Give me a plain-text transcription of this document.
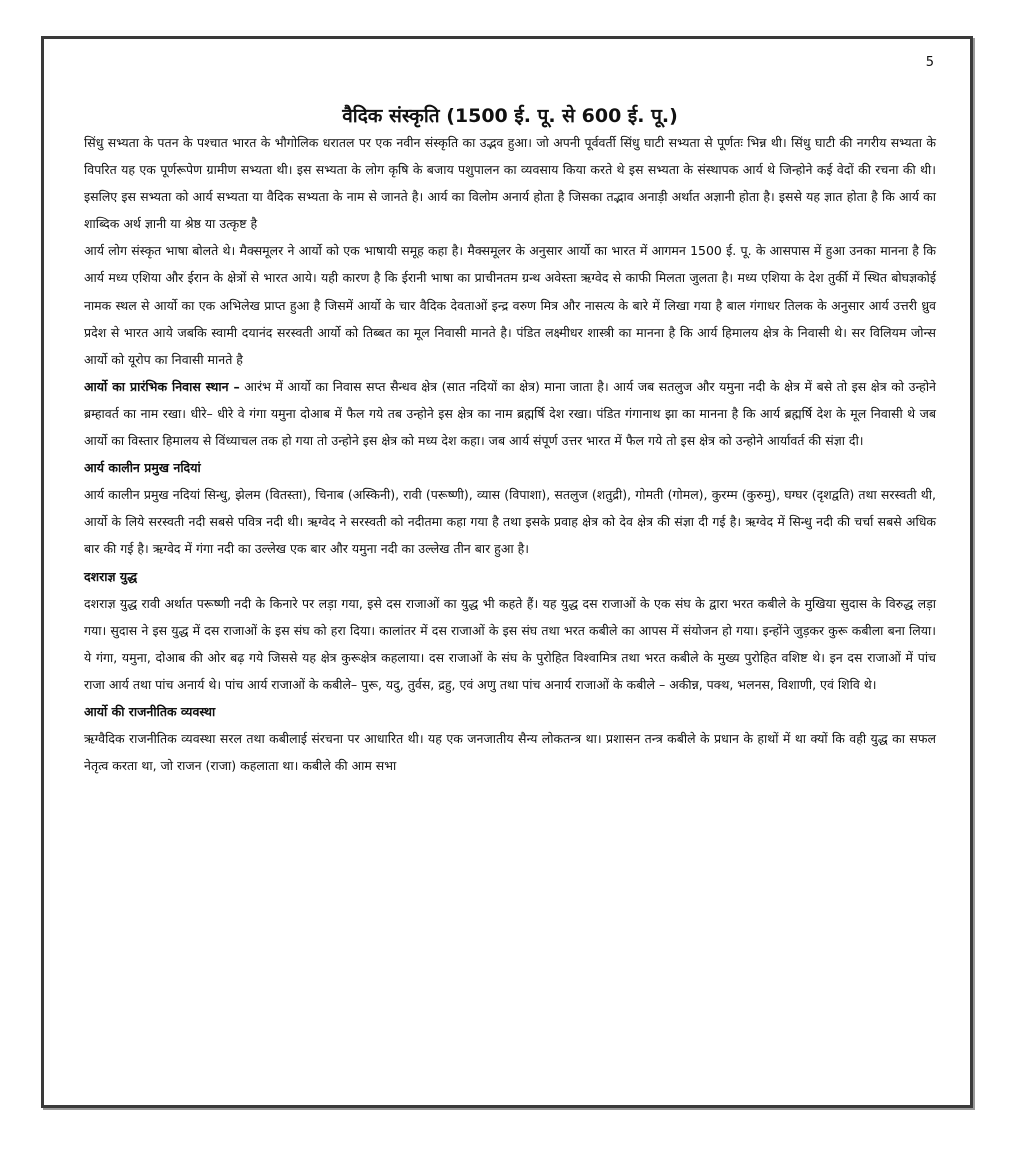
5
वैदिक संस्कृति (1500 ई. पू. से 600 ई. पू.)

सिंधु सभ्यता के पतन के पश्चात भारत के भौगोलिक धरातल पर एक नवीन संस्कृति का उद्भव हुआ। जो अपनी पूर्ववर्ती सिंधु घाटी सभ्यता से पूर्णतः भिन्न थी। सिंधु घाटी की नगरीय सभ्यता के विपरित यह एक पूर्णरूपेण ग्रामीण सभ्यता थी। इस सभ्यता के लोग कृषि के बजाय पशुपालन का व्यवसाय किया करते थे इस सभ्यता के संस्थापक आर्य थे जिन्होने कई वेदों की रचना की थी। इसलिए इस सभ्यता को आर्य सभ्यता या वैदिक सभ्यता के नाम से जानते है। आर्य का विलोम अनार्य होता है जिसका तद्भाव अनाड़ी अर्थात अज्ञानी होता है। इससे यह ज्ञात होता है कि आर्य का शाब्दिक अर्थ ज्ञानी या श्रेष्ठ या उत्कृष्ट है

आर्य लोग संस्कृत भाषा बोलते थे। मैक्समूलर ने आर्यो को एक भाषायी समूह कहा है। मैक्समूलर के अनुसार आर्यो का भारत में आगमन 1500 ई. पू. के आसपास में हुआ उनका मानना है कि आर्य मध्य एशिया और ईरान के क्षेत्रों से भारत आये। यही कारण है कि ईरानी भाषा का प्राचीनतम ग्रन्थ अवेस्ता ऋग्वेद से काफी मिलता जुलता है। मध्य एशिया के देश तुर्की में स्थित बोघज्ञकोई नामक स्थल से आर्यो का एक अभिलेख प्राप्त हुआ है जिसमें आर्यो के चार वैदिक देवताओं इन्द्र वरुण मित्र और नासत्य के बारे में लिखा गया है बाल गंगाधर तिलक के अनुसार आर्य उत्तरी ध्रुव प्रदेश से भारत आये जबकि स्वामी दयानंद सरस्वती आर्यो को तिब्बत का मूल निवासी मानते है। पंडित लक्ष्मीधर शास्त्री का मानना है कि आर्य हिमालय क्षेत्र के निवासी थे। सर विलियम जोन्स आर्यो को यूरोप का निवासी मानते है

आर्यो का प्रारंभिक निवास स्थान – आरंभ में आर्यो का निवास सप्त सैन्धव क्षेत्र (सात नदियों का क्षेत्र) माना जाता है। आर्य जब सतलुज और यमुना नदी के क्षेत्र में बसे तो इस क्षेत्र को उन्होने ब्रम्हावर्त का नाम रखा। धीरे– धीरे वे गंगा यमुना दोआब में फैल गये तब उन्होने इस क्षेत्र का नाम ब्रह्मर्षि देश रखा। पंडित गंगानाथ झा का मानना है कि आर्य ब्रह्मर्षि देश के मूल निवासी थे जब आर्यो का विस्तार हिमालय से विंध्याचल तक हो गया तो उन्होने इस क्षेत्र को मध्य देश कहा। जब आर्य संपूर्ण उत्तर भारत में फैल गये तो इस क्षेत्र को उन्होने आर्यावर्त की संज्ञा दी।

आर्य कालीन प्रमुख नदियां

आर्य कालीन प्रमुख नदियां सिन्धु, झेलम (वितस्ता), चिनाब (अस्किनी), रावी (परूष्णी), व्यास (विपाशा), सतलुज (शतुद्री), गोमती (गोमल), कुरम्म (कुरुमु), घग्घर (दृशद्वति) तथा सरस्वती थी, आर्यो के लिये सरस्वती नदी सबसे पवित्र नदी थी। ऋग्वेद ने सरस्वती को नदीतमा कहा गया है तथा इसके प्रवाह क्षेत्र को देव क्षेत्र की संज्ञा दी गई है। ऋग्वेद में सिन्धु नदी की चर्चा सबसे अधिक बार की गई है। ऋग्वेद में गंगा नदी का उल्लेख एक बार और यमुना नदी का उल्लेख तीन बार हुआ है।

दशराज्ञ युद्ध

दशराज्ञ युद्ध रावी अर्थात परूष्णी नदी के किनारे पर लड़ा गया, इसे दस राजाओं का युद्ध भी कहते हैं। यह युद्ध दस राजाओं के एक संघ के द्वारा भरत कबीले के मुखिया सुदास के विरुद्ध लड़ा गया। सुदास ने इस युद्ध में दस राजाओं के इस संघ को हरा दिया। कालांतर में दस राजाओं के इस संघ तथा भरत कबीले का आपस में संयोजन हो गया। इन्होंने जुड़कर कुरू कबीला बना लिया। ये गंगा, यमुना, दोआब की ओर बढ़ गये जिससे यह क्षेत्र कुरूक्षेत्र कहलाया। दस राजाओं के संघ के पुरोहित विश्वामित्र तथा भरत कबीले के मुख्य पुरोहित वशिष्ट थे। इन दस राजाओं में पांच राजा आर्य तथा पांच अनार्य थे। पांच आर्य राजाओं के कबीले– पुरू, यदु, तुर्वस, द्रहु, एवं अणु तथा पांच अनार्य राजाओं के कबीले – अकीन्न, पक्थ, भलनस, विशाणी, एवं शिवि थे।

आर्यो की राजनीतिक व्यवस्था

ऋग्वैदिक राजनीतिक व्यवस्था सरल तथा कबीलाई संरचना पर आधारित थी। यह एक जनजातीय सैन्य लोकतन्त्र था। प्रशासन तन्त्र कबीले के प्रधान के हाथों में था क्यों कि वही युद्ध का सफल नेतृत्व करता था, जो राजन (राजा) कहलाता था। कबीले की आम सभा
